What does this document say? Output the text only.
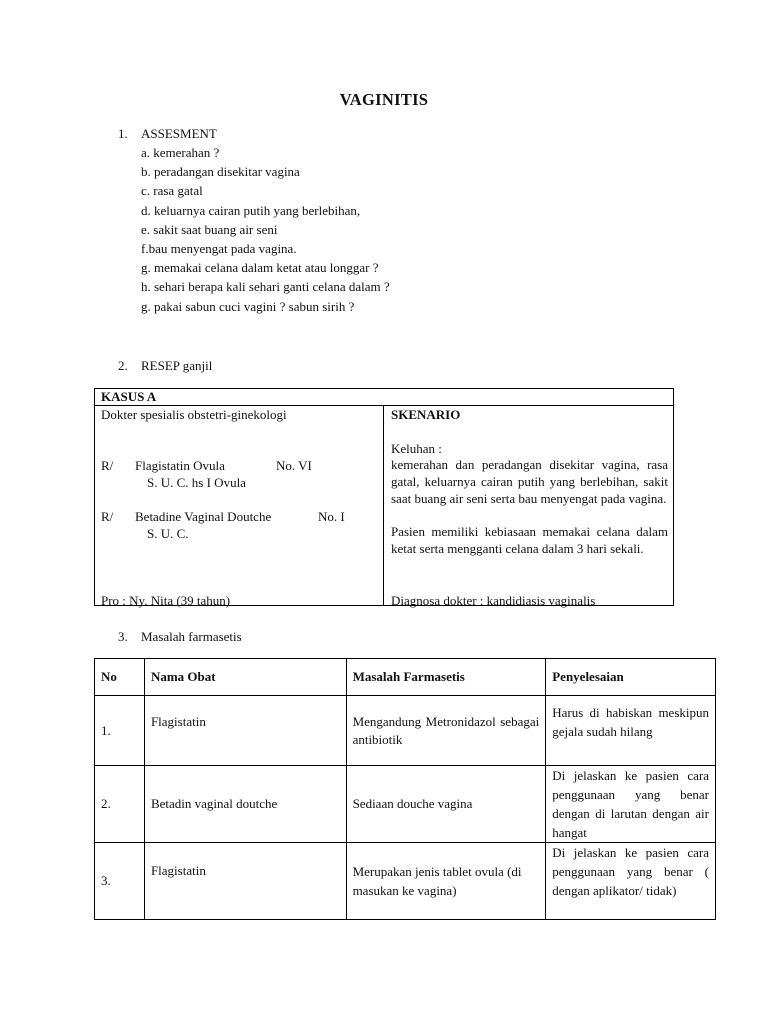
VAGINITIS
1. ASSESMENT
a. kemerahan ?
b. peradangan disekitar vagina
c. rasa gatal
d. keluarnya cairan putih yang berlebihan,
e. sakit saat buang air seni
f.bau menyengat pada vagina.
g. memakai celana dalam ketat atau longgar ?
h. sehari berapa kali sehari ganti celana dalam ?
g. pakai sabun cuci vagini ? sabun sirih ?
2. RESEP ganjil
KASUS A
Dokter spesialis obstetri-ginekologi
R/ Flagistatin Ovula	No. VI
S. U. C. hs I Ovula
R/ Betadine Vaginal Doutche	No. I
S. U. C.
Pro : Ny. Nita (39 tahun)
SKENARIO
Keluhan :
kemerahan dan peradangan disekitar vagina, rasa gatal, keluarnya cairan putih yang berlebihan, sakit saat buang air seni serta bau menyengat pada vagina.
Pasien memiliki kebiasaan memakai celana dalam ketat serta mengganti celana dalam 3 hari sekali.
Diagnosa dokter : kandidiasis vaginalis
3. Masalah farmasetis
No	Nama Obat	Masalah Farmasetis	Penyelesaian
1.	Flagistatin	Mengandung Metronidazol sebagai antibiotik	Harus di habiskan meskipun gejala sudah hilang
2.	Betadin vaginal doutche	Sediaan douche vagina	Di jelaskan ke pasien cara penggunaan yang benar dengan di larutan dengan air hangat
3.	Flagistatin	Merupakan jenis tablet ovula (di masukan ke vagina)	Di jelaskan ke pasien cara penggunaan yang benar ( dengan aplikator/ tidak)
